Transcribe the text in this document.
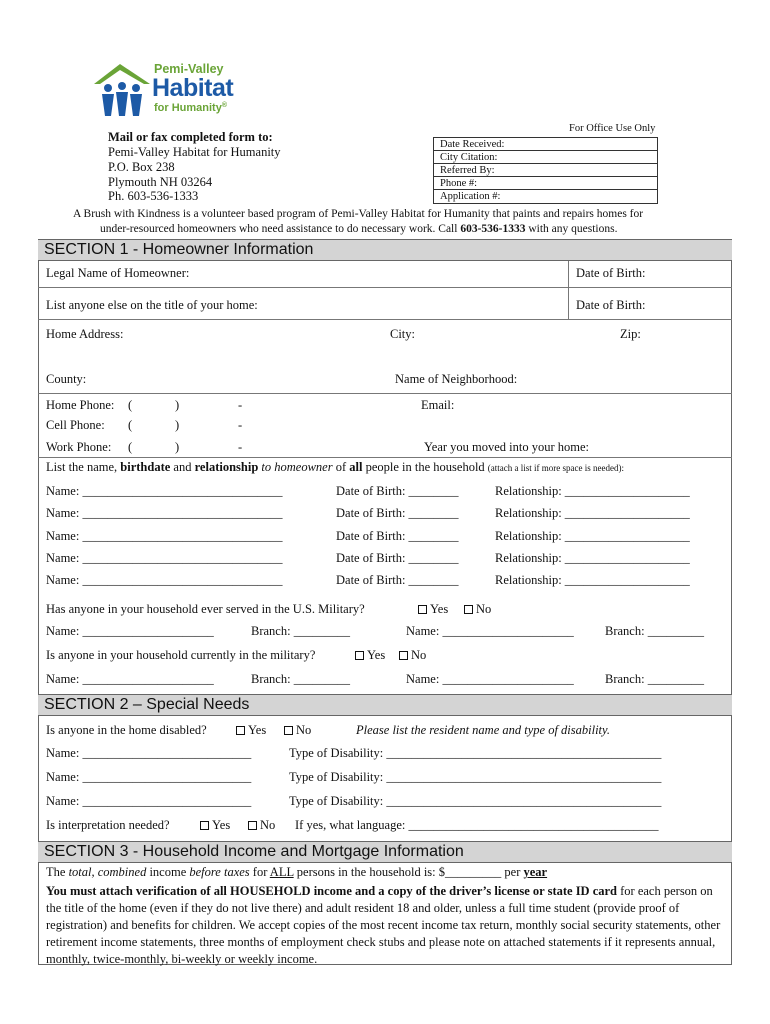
Pemi-Valley
Habitat
for Humanity®
Mail or fax completed form to:
Pemi-Valley Habitat for Humanity
P.O. Box 238
Plymouth NH 03264
Ph. 603-536-1333
For Office Use Only
Date Received:
City Citation:
Referred By:
Phone #:
Application #:
A Brush with Kindness is a volunteer based program of Pemi-Valley Habitat for Humanity that paints and repairs homes for
under-resourced homeowners who need assistance to do necessary work. Call 603-536-1333 with any questions.
SECTION 1 - Homeowner Information
Legal Name of Homeowner:	Date of Birth:
List anyone else on the title of your home:	Date of Birth:
Home Address:	City:	Zip:
County:	Name of Neighborhood:
Home Phone: (	)	-	Email:
Cell Phone: (	)	-
Work Phone: (	)	-	Year you moved into your home:
List the name, birthdate and relationship to homeowner of all people in the household (attach a list if more space is needed):
Name: ________________________________	Date of Birth: ________	Relationship: ____________________
Name: ________________________________	Date of Birth: ________	Relationship: ____________________
Name: ________________________________	Date of Birth: ________	Relationship: ____________________
Name: ________________________________	Date of Birth: ________	Relationship: ____________________
Name: ________________________________	Date of Birth: ________	Relationship: ____________________
Has anyone in your household ever served in the U.S. Military?	Yes	No
Name: _____________________	Branch: _________	Name: _____________________	Branch: _________
Is anyone in your household currently in the military?	Yes	No
Name: _____________________	Branch: _________	Name: _____________________	Branch: _________
SECTION 2 – Special Needs
Is anyone in the home disabled?	Yes	No	Please list the resident name and type of disability.
Name: ___________________________	Type of Disability: ____________________________________________
Name: ___________________________	Type of Disability: ____________________________________________
Name: ___________________________	Type of Disability: ____________________________________________
Is interpretation needed?	Yes	No If yes, what language: ________________________________________
SECTION 3 - Household Income and Mortgage Information
The total, combined income before taxes for ALL persons in the household is: $_________ per year
You must attach verification of all HOUSEHOLD income and a copy of the driver’s license or state ID card for each person on the title of the home (even if they do not live there) and adult resident 18 and older, unless a full time student (provide proof of registration) and benefits for children. We accept copies of the most recent income tax return, monthly social security statements, other retirement income statements, three months of employment check stubs and please note on attached statements if it represents annual, monthly, twice-monthly, bi-weekly or weekly income.
